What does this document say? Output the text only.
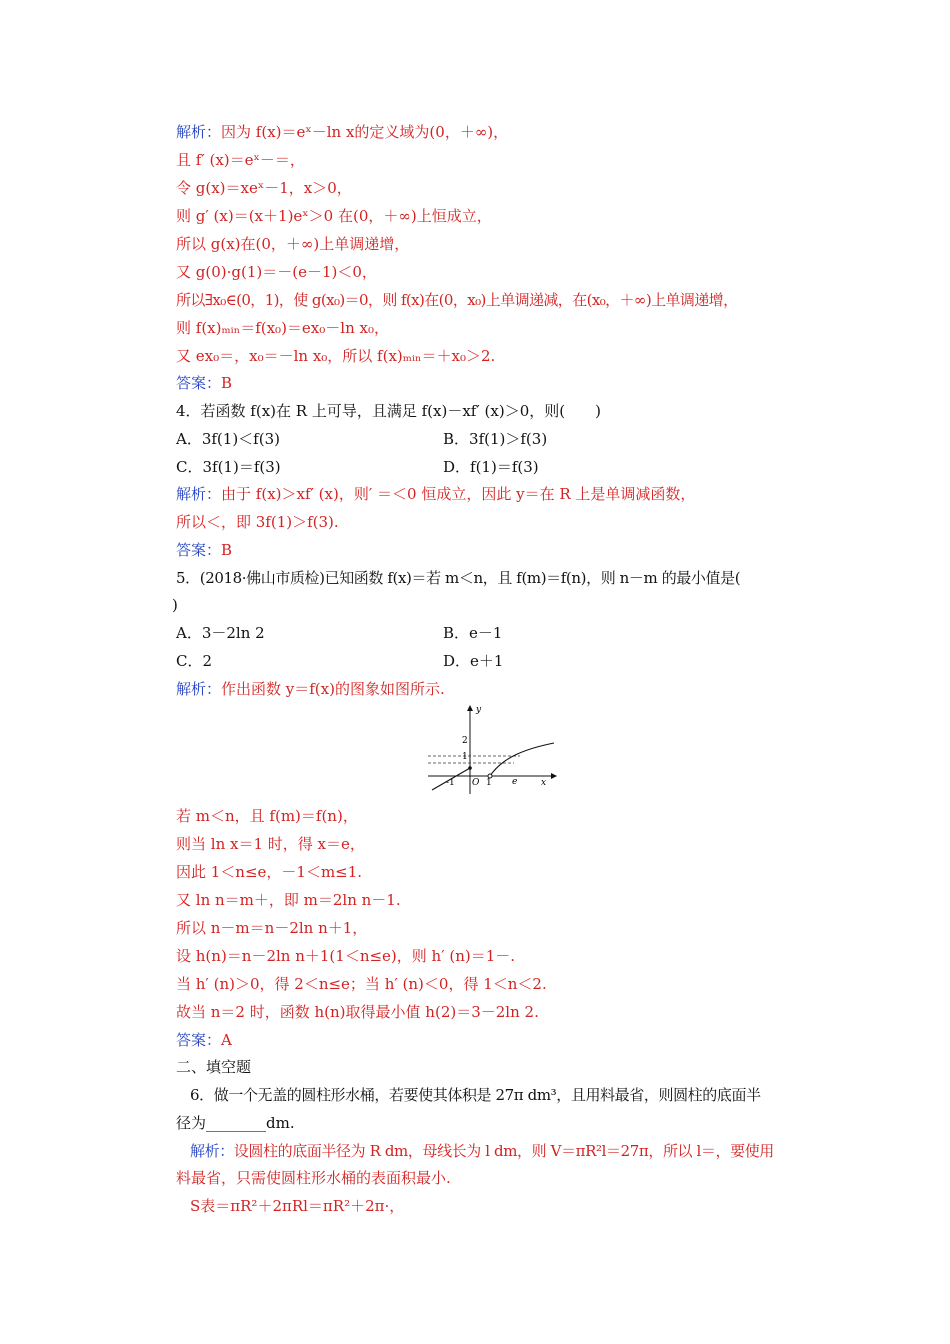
解析：因为 f(x)＝eˣ－ln x的定义域为(0，＋∞)，
且 f′ (x)＝eˣ－＝，
令 g(x)＝xeˣ－1，x＞0，
则 g′ (x)＝(x＋1)eˣ＞0 在(0，＋∞)上恒成立，
所以 g(x)在(0，＋∞)上单调递增，
又 g(0)·g(1)＝－(e－1)＜0，
所以∃x₀∈(0，1)，使 g(x₀)＝0，则 f(x)在(0，x₀)上单调递减，在(x₀，＋∞)上单调递增，
则 f(x)ₘᵢₙ＝f(x₀)＝ex₀－ln x₀，
又 ex₀＝，x₀＝－ln x₀，所以 f(x)ₘᵢₙ＝＋x₀＞2.
答案：B
4．若函数 f(x)在 R 上可导，且满足 f(x)－xf′ (x)＞0，则(　　)
A．3f(1)＜f(3)	B．3f(1)＞f(3)
C．3f(1)＝f(3)	D．f(1)＝f(3)
解析：由于 f(x)＞xf′ (x)，则′ ＝＜0 恒成立，因此 y＝在 R 上是单调减函数，
所以＜，即 3f(1)＞f(3).
答案：B
5．(2018·佛山市质检)已知函数 f(x)＝若 m＜n，且 f(m)＝f(n)，则 n－m 的最小值是(
)
A．3－2ln 2	B．e－1
C．2	D．e＋1
解析：作出函数 y＝f(x)的图象如图所示.
y
x
2
1
-1 O 1 e
若 m＜n，且 f(m)＝f(n)，
则当 ln x＝1 时，得 x＝e，
因此 1＜n≤e，－1＜m≤1.
又 ln n＝m＋，即 m＝2ln n－1.
所以 n－m＝n－2ln n＋1，
设 h(n)＝n－2ln n＋1(1＜n≤e)，则 h′ (n)＝1－.
当 h′ (n)＞0，得 2＜n≤e；当 h′ (n)＜0，得 1＜n＜2.
故当 n＝2 时，函数 h(n)取得最小值 h(2)＝3－2ln 2.
答案：A
二、填空题
6．做一个无盖的圆柱形水桶，若要使其体积是 27π dm³，且用料最省，则圆柱的底面半
径为________dm.
解析：设圆柱的底面半径为 R dm，母线长为 l dm，则 V＝πR²l＝27π，所以 l＝，要使用
料最省，只需使圆柱形水桶的表面积最小.
S表＝πR²＋2πRl＝πR²＋2π·，
